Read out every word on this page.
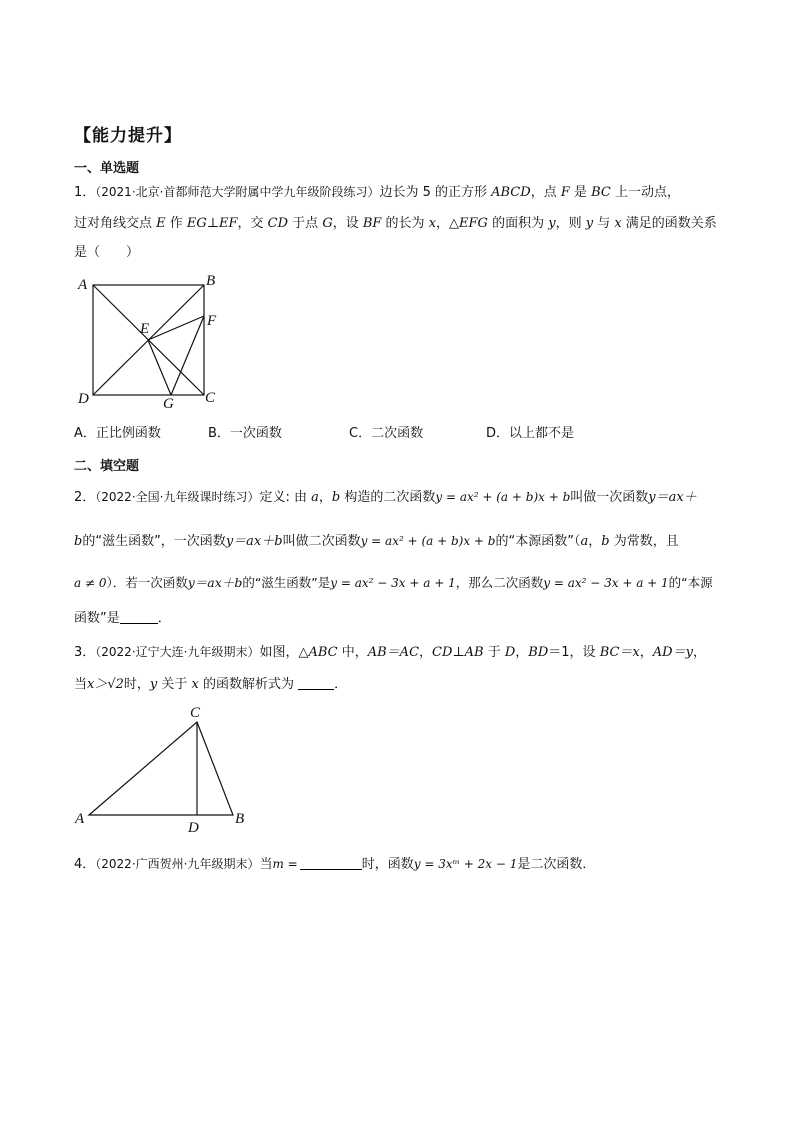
【能力提升】
一、单选题
1．（2021·北京·首都师范大学附属中学九年级阶段练习）边长为 5 的正方形 ABCD，点 F 是 BC 上一动点，
过对角线交点 E 作 EG⊥EF，交 CD 于点 G，设 BF 的长为 x，△EFG 的面积为 y，则 y 与 x 满足的函数关系
是（　　）
A	B
C
D
E	F
G
A．正比例函数	B．一次函数	C．二次函数	D．以上都不是
二、填空题
2．（2022·全国·九年级课时练习）定义: 由 a，b 构造的二次函数y = ax² + (a + b)x + b叫做一次函数y＝ax＋
b的“滋生函数”，一次函数y＝ax＋b叫做二次函数y = ax² + (a + b)x + b的“本源函数”（a，b 为常数，且
a ≠ 0）．若一次函数y＝ax＋b的“滋生函数”是y = ax² − 3x + a + 1，那么二次函数y = ax² − 3x + a + 1的“本源
函数”是	．
3．（2022·辽宁大连·九年级期末）如图，△ABC 中，AB＝AC，CD⊥AB 于 D，BD＝1，设 BC＝x，AD＝y，
当x＞√2时，y 关于 x 的函数解析式为	．
A	B
C
D
4．（2022·广西贺州·九年级期末）当m =	时，函数y = 3xᵐ + 2x − 1是二次函数．
